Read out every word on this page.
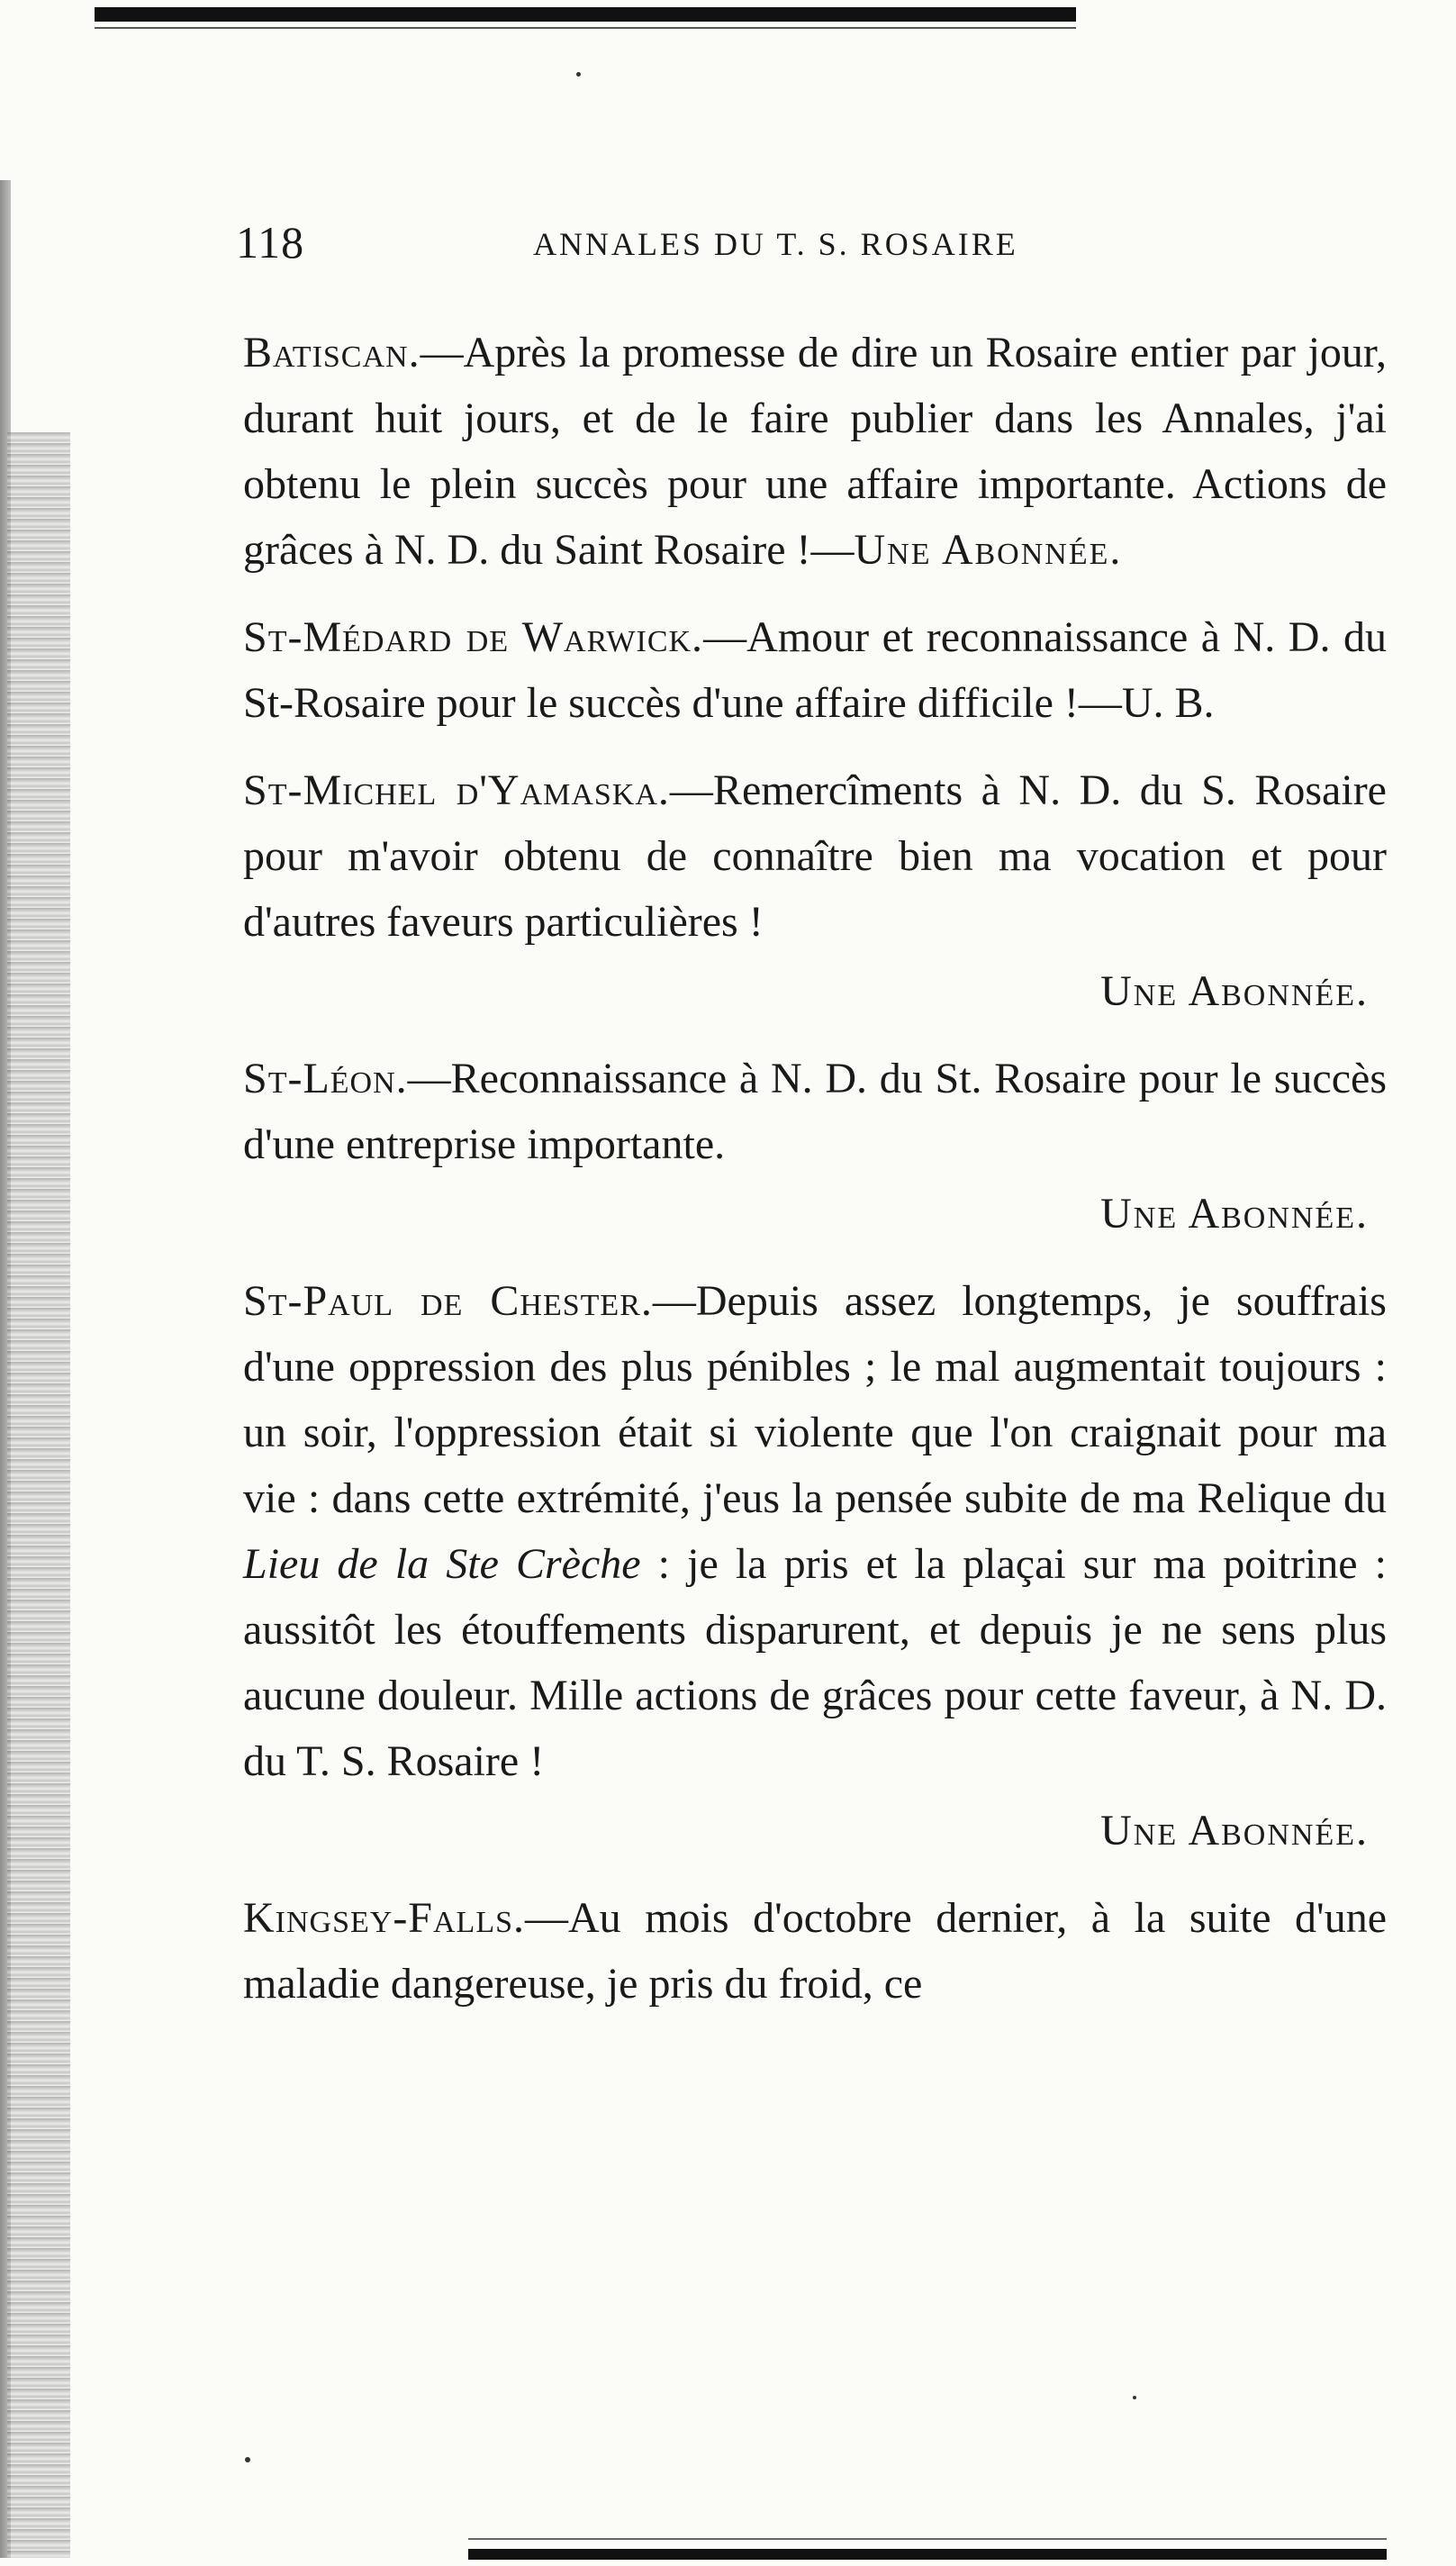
118	ANNALES DU T. S. ROSAIRE

Batiscan.—Après la promesse de dire un Rosaire entier par jour, durant huit jours, et de le faire publier dans les Annales, j'ai obtenu le plein succès pour une affaire importante. Actions de grâces à N. D. du Saint Rosaire !—Une Abonnée.

St-Médard de Warwick.—Amour et reconnaissance à N. D. du St-Rosaire pour le succès d'une affaire difficile !—U. B.

St-Michel d'Yamaska.—Remercîments à N. D. du S. Rosaire pour m'avoir obtenu de connaître bien ma vocation et pour d'autres faveurs particulières !

Une Abonnée.

St-Léon.—Reconnaissance à N. D. du St. Rosaire pour le succès d'une entreprise importante.

Une Abonnée.

St-Paul de Chester.—Depuis assez longtemps, je souffrais d'une oppression des plus pénibles ; le mal augmentait toujours : un soir, l'oppression était si violente que l'on craignait pour ma vie : dans cette extrémité, j'eus la pensée subite de ma Relique du Lieu de la Ste Crèche : je la pris et la plaçai sur ma poitrine : aussitôt les étouffements disparurent, et depuis je ne sens plus aucune douleur. Mille actions de grâces pour cette faveur, à N. D. du T. S. Rosaire !

Une Abonnée.

Kingsey-Falls.—Au mois d'octobre dernier, à la suite d'une maladie dangereuse, je pris du froid, ce
